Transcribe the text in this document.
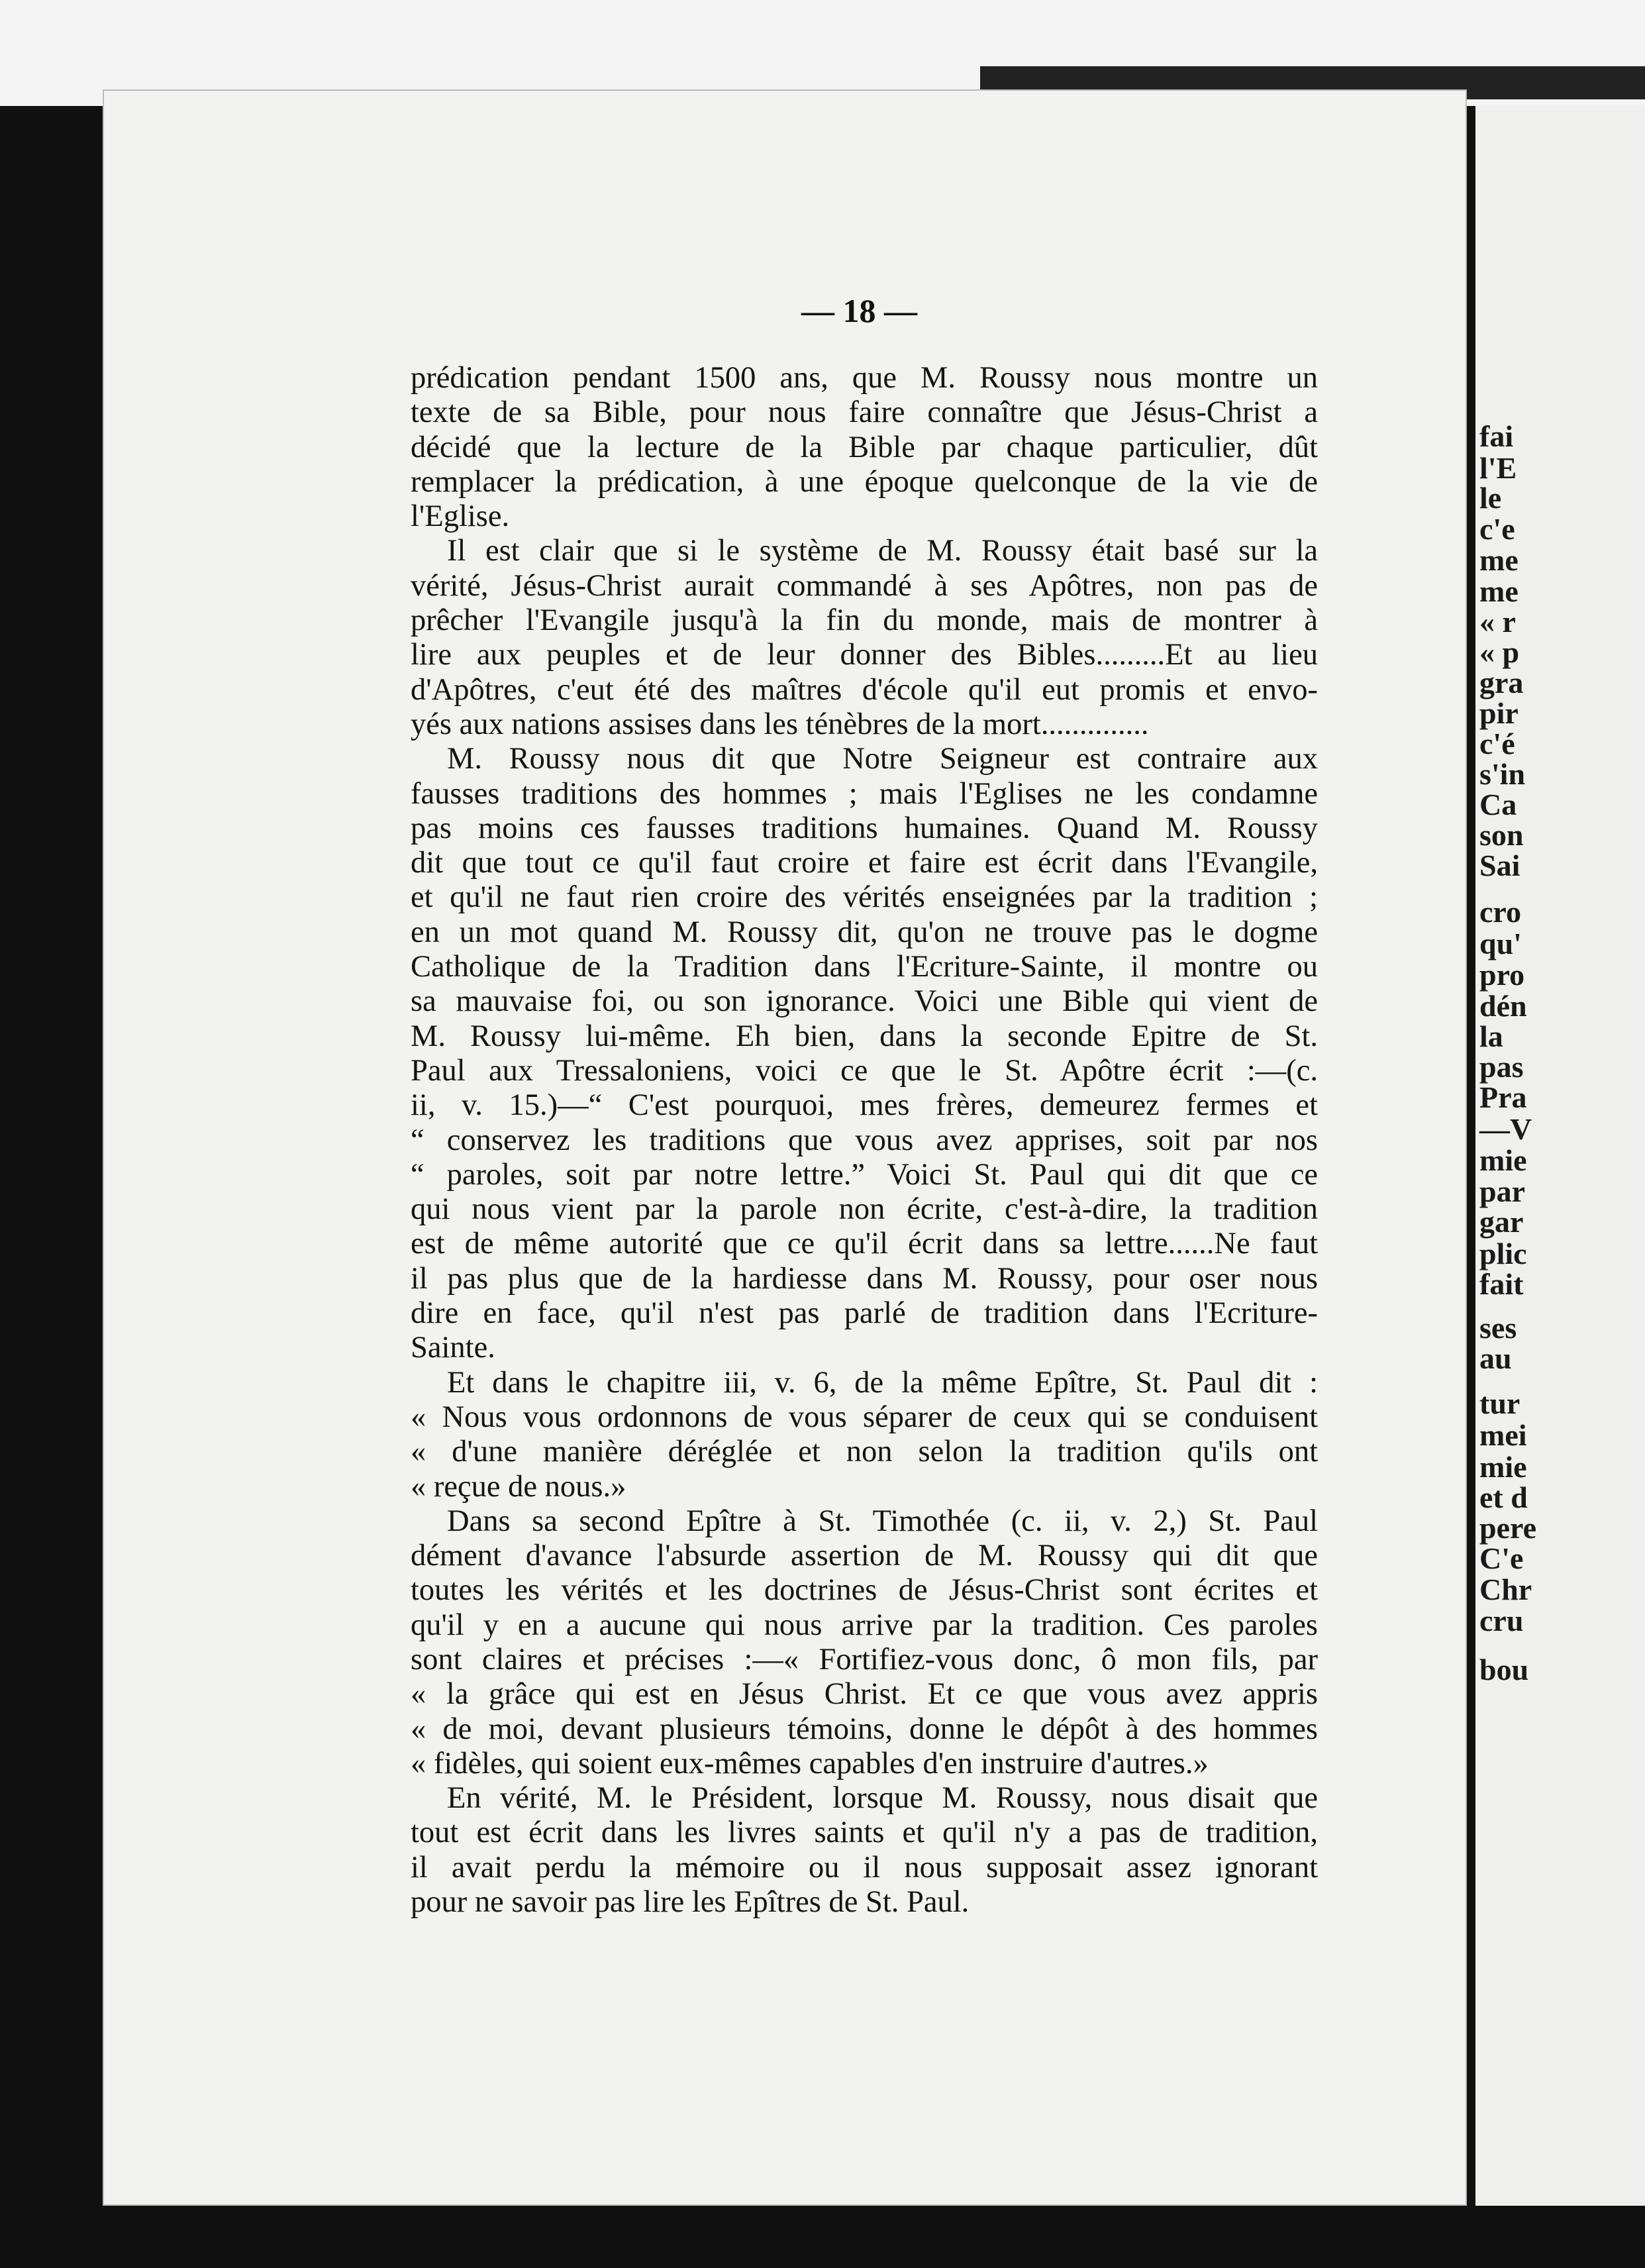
fai
l'E
le
c'e
me
me
« r
« p
gra
pir
c'é
s'in
Ca
son
Sai
cro
qu'
pro
dén
la
pas
Pra
—V
mie
par
gar
plic
fait
ses
au
tur
mei
mie
et d
pere
C'e
Chr
cru
bou
— 18 —

prédication pendant 1500 ans, que M. Roussy nous montre un
texte de sa Bible, pour nous faire connaître que Jésus-Christ a
décidé que la lecture de la Bible par chaque particulier, dût
remplacer la prédication, à une époque quelconque de la vie de
l'Eglise.

Il est clair que si le système de M. Roussy était basé sur la
vérité, Jésus-Christ aurait commandé à ses Apôtres, non pas de
prêcher l'Evangile jusqu'à la fin du monde, mais de montrer à
lire aux peuples et de leur donner des Bibles.........Et au lieu
d'Apôtres, c'eut été des maîtres d'école qu'il eut promis et envo-
yés aux nations assises dans les ténèbres de la mort..............

M. Roussy nous dit que Notre Seigneur est contraire aux
fausses traditions des hommes ; mais l'Eglises ne les condamne
pas moins ces fausses traditions humaines. Quand M. Roussy
dit que tout ce qu'il faut croire et faire est écrit dans l'Evangile,
et qu'il ne faut rien croire des vérités enseignées par la tradition ;
en un mot quand M. Roussy dit, qu'on ne trouve pas le dogme
Catholique de la Tradition dans l'Ecriture-Sainte, il montre ou
sa mauvaise foi, ou son ignorance. Voici une Bible qui vient de
M. Roussy lui-même. Eh bien, dans la seconde Epitre de St.
Paul aux Tressaloniens, voici ce que le St. Apôtre écrit :—(c.
ii, v. 15.)—“ C'est pourquoi, mes frères, demeurez fermes et
“ conservez les traditions que vous avez apprises, soit par nos
“ paroles, soit par notre lettre.” Voici St. Paul qui dit que ce
qui nous vient par la parole non écrite, c'est-à-dire, la tradition
est de même autorité que ce qu'il écrit dans sa lettre......Ne faut
il pas plus que de la hardiesse dans M. Roussy, pour oser nous
dire en face, qu'il n'est pas parlé de tradition dans l'Ecriture-
Sainte.

Et dans le chapitre iii, v. 6, de la même Epître, St. Paul dit :
« Nous vous ordonnons de vous séparer de ceux qui se conduisent
« d'une manière déréglée et non selon la tradition qu'ils ont
« reçue de nous.»

Dans sa second Epître à St. Timothée (c. ii, v. 2,) St. Paul
dément d'avance l'absurde assertion de M. Roussy qui dit que
toutes les vérités et les doctrines de Jésus-Christ sont écrites et
qu'il y en a aucune qui nous arrive par la tradition. Ces paroles
sont claires et précises :—« Fortifiez-vous donc, ô mon fils, par
« la grâce qui est en Jésus Christ. Et ce que vous avez appris
« de moi, devant plusieurs témoins, donne le dépôt à des hommes
« fidèles, qui soient eux-mêmes capables d'en instruire d'autres.»

En vérité, M. le Président, lorsque M. Roussy, nous disait que
tout est écrit dans les livres saints et qu'il n'y a pas de tradition,
il avait perdu la mémoire ou il nous supposait assez ignorant
pour ne savoir pas lire les Epîtres de St. Paul.
